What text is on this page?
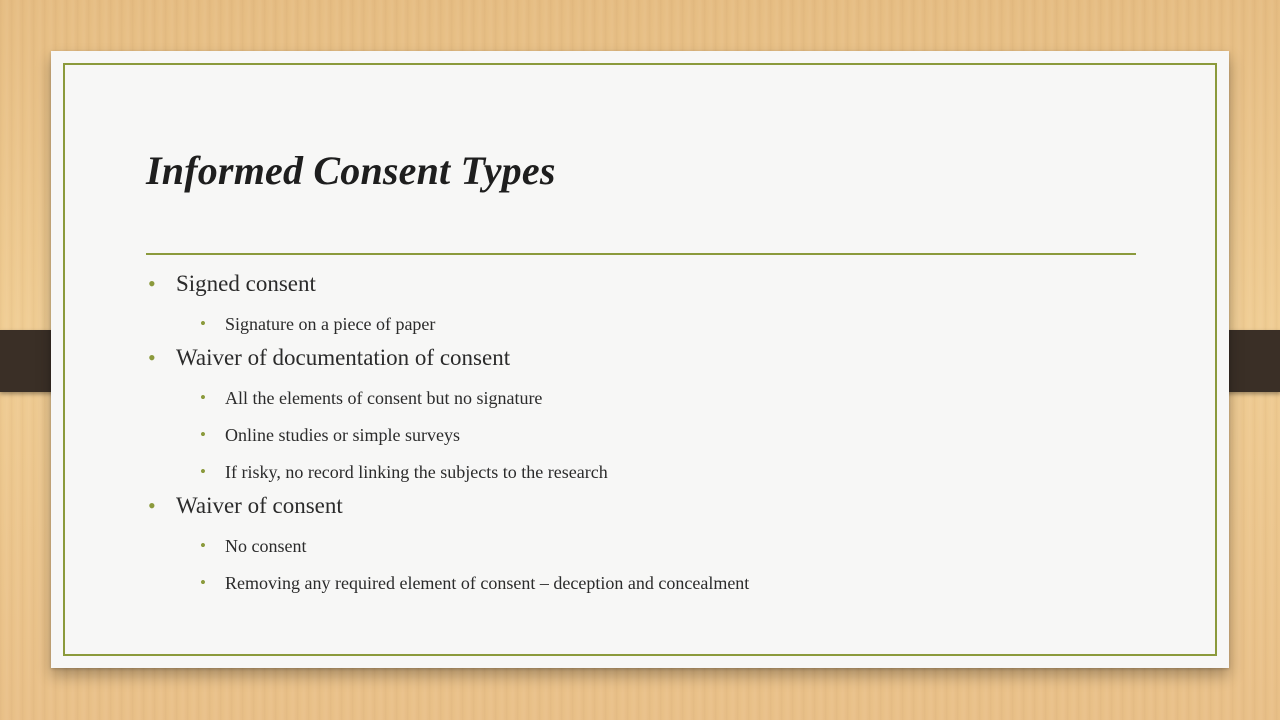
Informed Consent Types
• Signed consent
• Signature on a piece of paper
• Waiver of documentation of consent
• All the elements of consent but no signature
• Online studies or simple surveys
• If risky, no record linking the subjects to the research
• Waiver of consent
• No consent
• Removing any required element of consent – deception and concealment
